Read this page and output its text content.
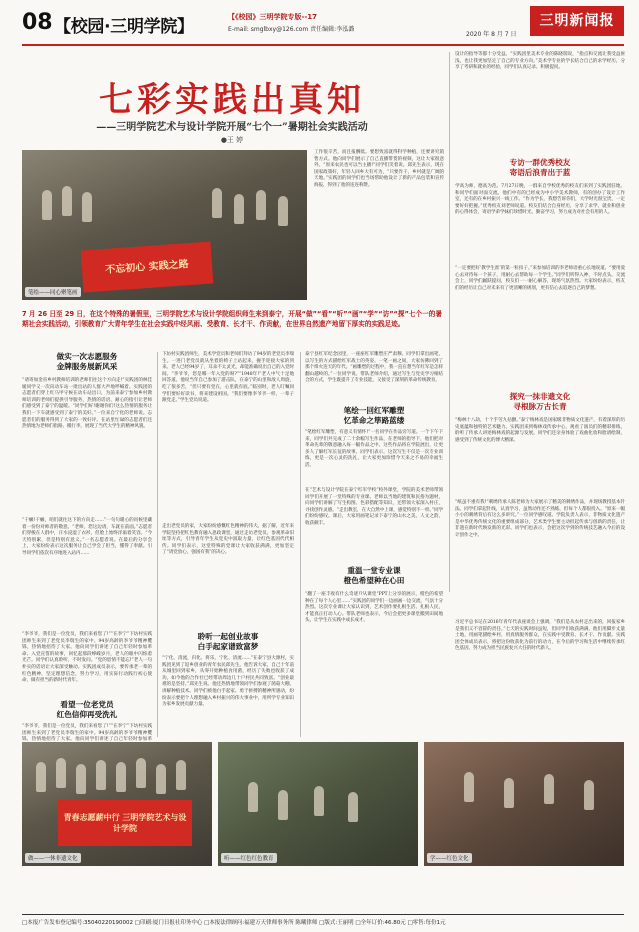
08 【校园·三明学院】	【《校园》三明学院专版--17
E-mail: smglbxy@126.com 责任编辑:李泓潞
2020 年 8 月 7 日
三明新闻报
七彩实践出真知
——三明学院艺术与设计学院开展“七个一”暑期社会实践活动
●王 婷
不忘初心 实践之路
笔绘——同心聚笔画
设计的指导等都十分受益。“实践团里美术专业的陈晓瑞说，“指点和交流让我受益匪浅，也让我更加坚定了自己的专业方向。”美术学专业的学长结合自己的求学经历，分享了考研和就业的经验，同学们认真记录、积极提问。
专访一群优秀校友
寄语后浪青出于蓝
学高为师，德高为范。7月27日晚，一群来自学校优秀的校友们来到了实践团驻地，和同学们面对面交流。他们中有的已经成为中小学美术教师，有的创办了设计工作室，还有的在乡村振兴一线工作。“作为学长，我想告诉你们，大学时光很宝贵，一定要好好把握。”优秀校友刘老师说道。校友们结合自身经历，分享了求学、就业和创业的心得体会，寄语学弟学妹们珍惜时光、勤奋学习，努力成为对社会有用的人。
“一定要把好‘教学生涯’的第一粒扣子。”来参加培训的李老师语重心长地说道。“要用爱心去对待每一个孩子，用耐心去帮助每一个学生。”同学们听得入神，不时点头。交流会上，同学们踊跃提问，校友们一一耐心解答，现场气氛热烈。大家纷纷表示，校友们的经历让自己对未来有了更清晰的规划，更有信心去追逐自己的梦想。
探究一抹非遗文化
寻根脉万古长青
“梅林十八劫，十个手劳九拈颤。”泰宁梅林戏是国家级非物质文化遗产，有着深厚的历史底蕴和独特的艺术魅力。实践团来到梅林戏传承中心，观看了演员们的精彩排练，聆听了传承人讲述梅林戏的起源与发展。同学们还亲身体验了戏曲化妆和脸谱绘制，感受到了传统文化的博大精深。
“纸虽不重有我!”刺绣传承人陈老师为大家展示了精美的刺绣作品，并现场教授基本针法。同学们拿起针线，认真学习，虽然动作还不熟练，但每个人都很投入。“原来一幅小小的刺绣背后有这么多讲究。”一位同学感叹道。学院负责人表示，非物质文化遗产是中华优秀传统文化的重要组成部分，艺术类学生要主动担起传承与创新的责任，让非遗在新时代焕发新的光彩。同学们也表示，会把这次学到的传统技艺融入今后的设计创作之中。
习近平总书记在2016年青年代表座谈会上强调，“我们是从农村走出来的，回报家乡是我们义不容辞的责任。”七天的实践时间虽短，但同学们收获满满。他们用脚步丈量土地，用画笔描绘乡村，用真情服务群众，在实践中受教育、长才干、作贡献。实践团全体成员表示，将把这份收获化为前行的动力，在今后的学习和生活中继续传承红色基因，努力成为担当民族复兴大任的时代新人。
工作很辛苦，而且报酬低。要想致富就得科学种植，还要讲究销售方式。他向同学们展示了自己直播带货的视频，这让大家很意外。“原来农民也可以当主播!”同学们笑着说。邱先生表示，现在国家政策好，年轻人回乡大有可为，“只要肯干，乡村就是广阔的天地。”实践团的同学们也当场帮助他设计了新的产品包装和宣传海报，得到了他的连连称赞。
7 月 26 日至 29 日，在这个特殊的暑假里，三明学院艺术与设计学院组织师生来到泰宁，开展“做”“看”“听”“画”“学”“访”“探”七个一的暑期社会实践活动，引领教育广大青年学生在社会实践中经风雨、受教育、长才干、作贡献，在世界自然遗产地留下厚实的实践足迹。
做实一次志愿服务
金牌服务展新风采
“请寄加金省乡村教师培训的老师们往这个方向走!”实践团的林佳媛同学又一次向动车站一批出站的人群大声地呼喊着。实践团的志愿者们穿上红马甲守候在动车站出口，为前来泰宁参加乡村教师培训的老师们提供引导服务，热情的话语、耐心的指引让老师们感受到了泰宁的温暖。“同学们好!谢谢你们!这么热情的服务让我们一下车就感受到了泰宁的美好。”一位来自宁化的老师说。志愿者们的服务得到了大家的一致好评。在站里忙碌的志愿者们还热情地为老师们指路、搬行李，展现了当代大学生的精神风貌。
“干癞!干癞，咱们就往这下的方向走……”一句句暖心的问候里藏着一份份对师者的敬意。“老师，您这边请，车就在前面。”志愿者们穿梭在人群中，汗水浸湿了衣衫，但脸上始终洋溢着笑容。“今天特别累，但是特别有意义。”一名志愿者说。在最后的分享会上，大家纷纷表示这次服务让自己学会了担当，懂得了奉献。引导同学们依次有序地进入站内……
看望一位老党员
红色信仰再受洗礼
“李爷爷，我们是一位党员，我们来看您了!”“在李宁”下坊村实践团师生来到了老党员李瑞生的家中。94岁高龄的李爷爷精神矍铄，热情地招待了大家。他向同学们讲述了自己年轻时参加革
“李爷爷，我们是一位党员，我们来看您了!”“在李宁”下坊村实践团师生来到了老党员李瑞生的家中。94岁高龄的李爷爷精神矍铄，热情地招待了大家。他向同学们讲述了自己年轻时参加革命、入党宣誓的故事，回忆起那段峥嵘岁月，老人的眼中闪烁着光芒。同学们认真聆听，不时发问。“党的恩情不能忘!”老人一句朴实的话语让大家深受触动。实践团成员表示，要传承老一辈的红色精神，坚定理想信念，努力学习，用实际行动践行初心使命，做有担当的新时代青年。
下坊村实践团师生，美术学党员和老师们拜访了94岁的老党员李瑞生。一进门老党员就从坐着的椅子上站起来，握手迎接大家的到来。老人已经94岁了，耳朵不太灵光，却能准确说出自己的入党时间。“李爷爷，您是哪一年入党的呀?”“1948年!”老人中气十足地回答道。他说当年自己参加了游击队，在泰宁的山里和敌人周旋，吃了很多苦，“但只要有党在，心里就有底。”临别时，老人叮嘱同学们要好好读书，将来建设祖国。“我们要像李爷爷一样，一辈子跟党走。”学生党员说道。
走出老党员的家，大家纷纷感慨红色精神的伟大。据了解，近年来学院坚持把红色教育融入思政课堂，通过走访老党员、参观革命旧址等方式，引导青年学生从党史中汲取力量，让红色基因代代相传。同学们表示，这堂特殊的党课让大家收获满满，更加坚定了“请党放心，强国有我”的决心。
聆听一起创业故事
白手起家谱致富梦
“宁化、清流，归化、将乐，宁化、清流……”在泰宁县大源村，实践团见到了返乡创业的青年农民邱先生。他告诉大家，自己十年前从城里回到家乡，从零开始种植食用菌，经历了失败也收获了成功。如今他的合作社已经带动周边几十户村民共同致富。“创业最难的是坚持。”邱先生说。他还热情地带领同学们参观了菌菇大棚，讲解种植技术。同学们被他白手起家、勇于拼搏的精神所感动，纷纷表示要把个人理想融入乡村振兴的伟大事业中，用所学专业知识为家乡发展贡献力量。
泰宁县红军纪念园里，一座座红军雕塑庄严肃穆。同学们拿出画笔，以写生的方式描绘红军战士的英姿。一笔一画之间，大家仿佛回到了那个烽火连天的年代。“画雕塑的过程中，我一直在想当年红军是怎样翻山越岭的。”一位同学说。带队老师介绍，通过写生与党史学习相结合的方式，学生既提升了专业技能，又接受了深刻的革命传统教育。
笔绘一回红军雕塑
忆革命之筚路蓝缕
“笔绘红军雕塑，有意义有情怀!”一名同学在作品旁写道。一个下午下来，同学们共完成了二十余幅写生作品，在老师的指导下，他们把对革命先辈的敬意融入每一幅作品之中。这些作品将在学院展出，让更多人了解红军长征的故事。同学们表示，这次写生不仅是一次专业训练，更是一次心灵的洗礼，让大家更加珍惜今天来之不易的幸福生活。
在“艺术与设计学院在泰宁红军学校”校外课堂，学院的美术老师带领同学们开展了一堂特殊的专业课。老师以当地的建筑和民俗为题材，向同学们讲解了写生构图、色彩搭配等知识，还带领大家深入村庄，寻找创作灵感。“走出教室，在大自然中上课，感觉特别不一样。”同学们纷纷感叹。课后，大家用画笔记录下泰宁的山水之美、人文之韵，收获颇丰。
重温一堂专业课
橙色希望种在心田
“翻了一座丰收有什么奇迹!?从课堂“PPT上分享的展示，橙色的希望种在了每个人心里……”实践团的同学们一边画画一边交流，气氛十分热烈。这次专业课让大家认识到，艺术创作要扎根生活、扎根人民，才能真正打动人心。带队老师也表示，今后会把更多课堂搬到田间地头，让学生在实践中成长成才。
青春志愿薪中行 三明学院艺术与设计学院
做——一休非遗文化	听——红色红色教育	学——红色文化
□本报广告发布登记编号:35040220190002 □印刷:厦门日报社印务中心 □本报法律顾问:福建万天律师事务所 陈曦律师 □版式:王丽明 □全年订价:46.80元 □零售:每份1元
